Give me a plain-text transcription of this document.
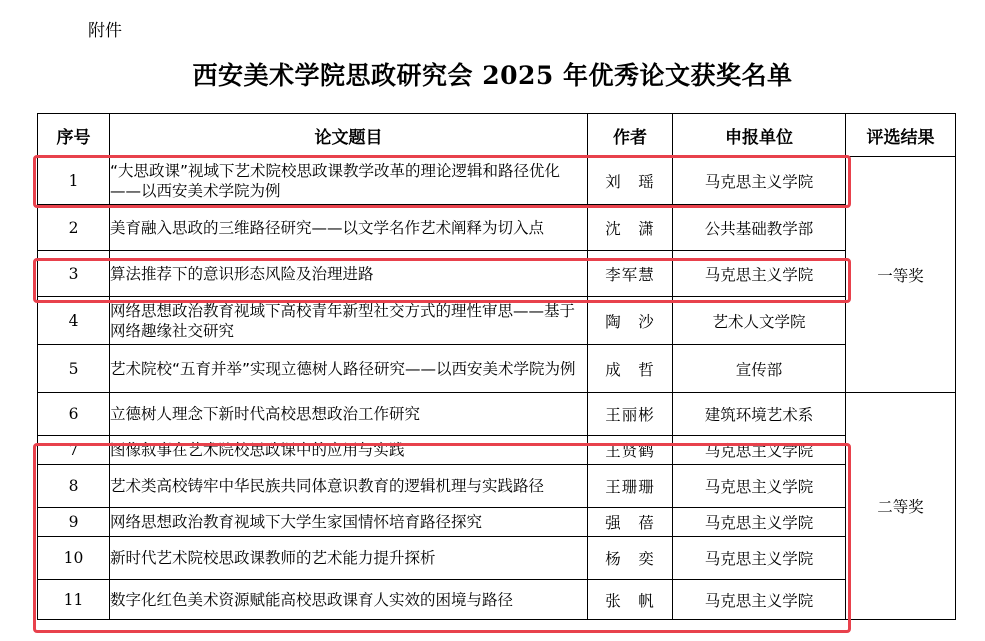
附件
西安美术学院思政研究会 2025 年优秀论文获奖名单
序号	论文题目	作者	申报单位	评选结果
1	“大思政课”视域下艺术院校思政课教学改革的理论逻辑和路径优化——以西安美术学院为例	刘　瑶	马克思主义学院	一等奖
2	美育融入思政的三维路径研究——以文学名作艺术阐释为切入点	沈　潇	公共基础教学部	
3	算法推荐下的意识形态风险及治理进路	李军慧	马克思主义学院	
4	网络思想政治教育视域下高校青年新型社交方式的理性审思——基于网络趣缘社交研究	陶　沙	艺术人文学院	
5	艺术院校“五育并举”实现立德树人路径研究——以西安美术学院为例	成　哲	宣传部	
6	立德树人理念下新时代高校思想政治工作研究	王丽彬	建筑环境艺术系	二等奖
7	图像叙事在艺术院校思政课中的应用与实践	王贤鹤	马克思主义学院	
8	艺术类高校铸牢中华民族共同体意识教育的逻辑机理与实践路径	王珊珊	马克思主义学院	
9	网络思想政治教育视域下大学生家国情怀培育路径探究	强　蓓	马克思主义学院	
10	新时代艺术院校思政课教师的艺术能力提升探析	杨　奕	马克思主义学院	
11	数字化红色美术资源赋能高校思政课育人实效的困境与路径	张　帆	马克思主义学院	
